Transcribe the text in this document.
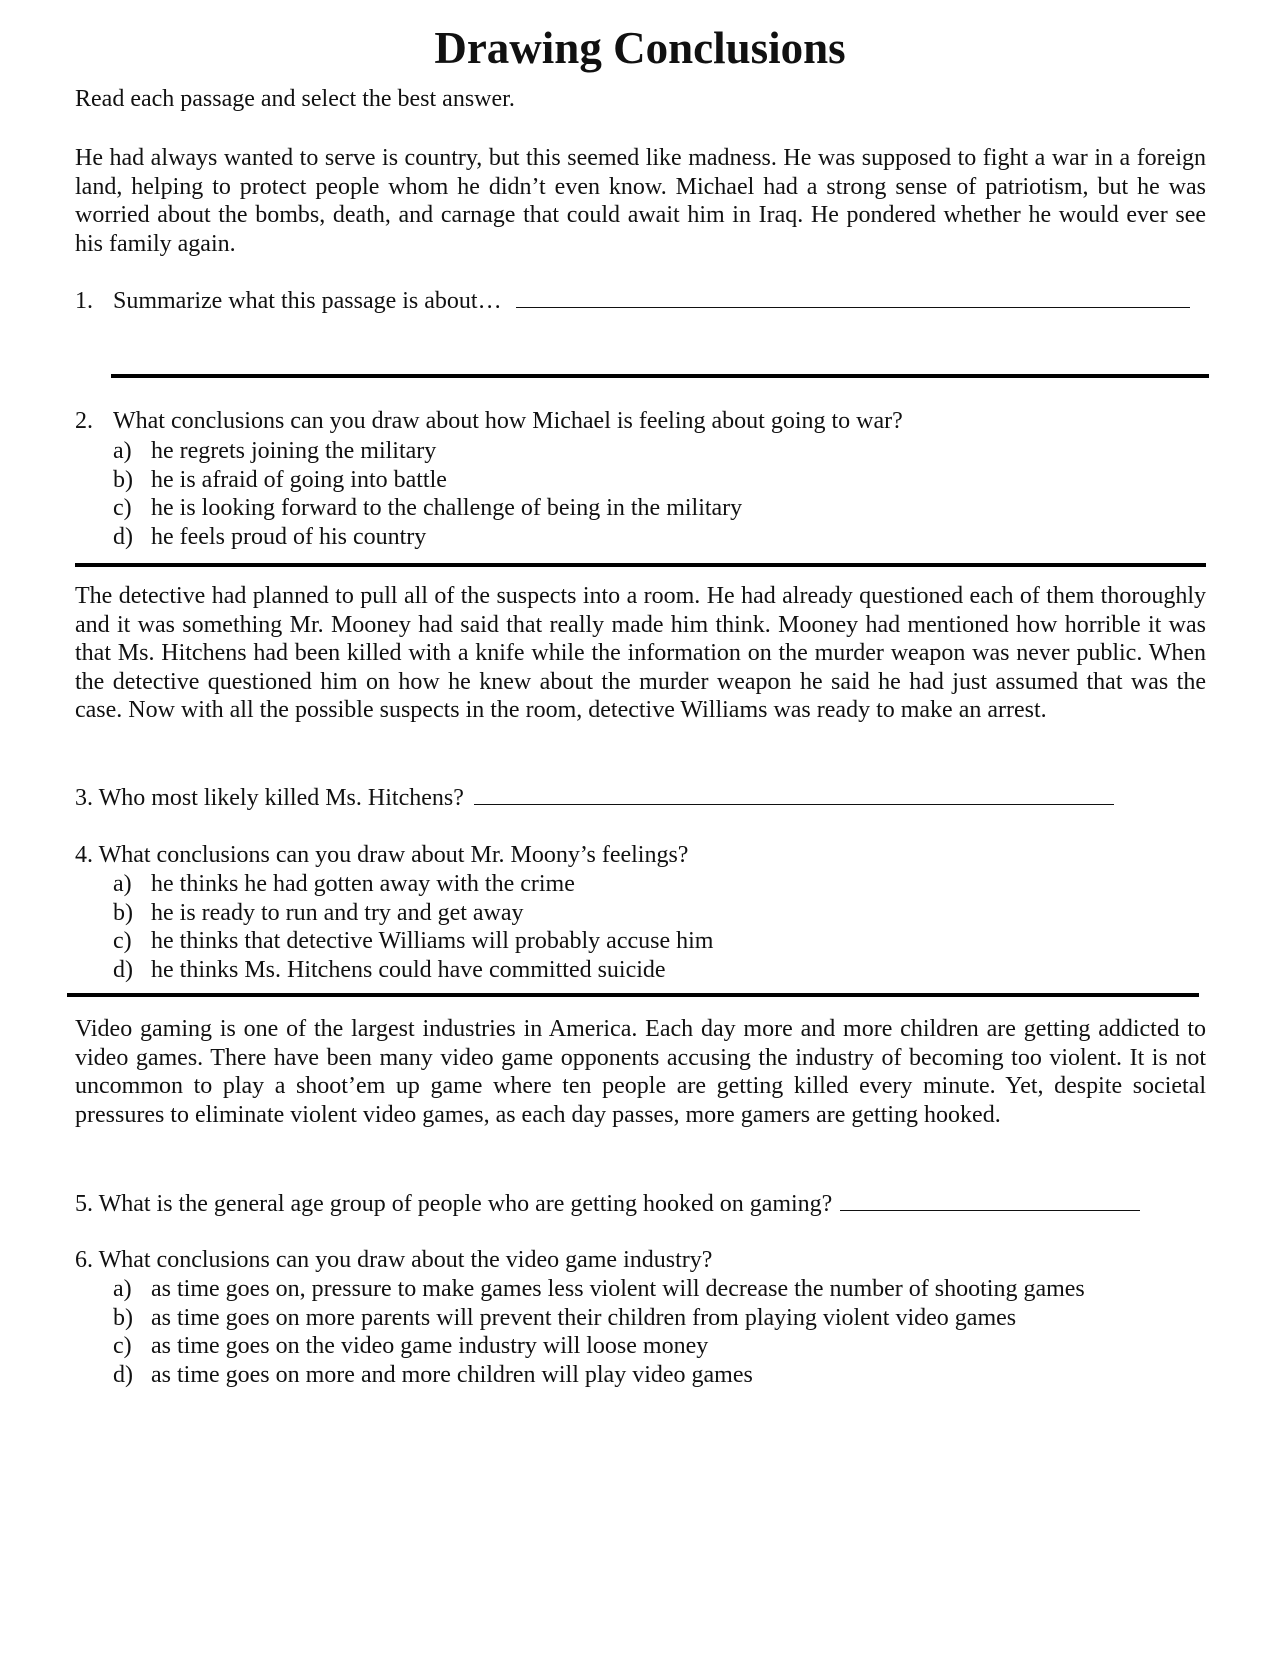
Drawing Conclusions
Read each passage and select the best answer.
He had always wanted to serve is country, but this seemed like madness. He was supposed to fight a war in a foreign land, helping to protect people whom he didn’t even know. Michael had a strong sense of patriotism, but he was worried about the bombs, death, and carnage that could await him in Iraq. He pondered whether he would ever see his family again.
1. Summarize what this passage is about…
2. What conclusions can you draw about how Michael is feeling about going to war?
a) he regrets joining the military
b) he is afraid of going into battle
c) he is looking forward to the challenge of being in the military
d) he feels proud of his country
The detective had planned to pull all of the suspects into a room. He had already questioned each of them thoroughly and it was something Mr. Mooney had said that really made him think. Mooney had mentioned how horrible it was that Ms. Hitchens had been killed with a knife while the information on the murder weapon was never public. When the detective questioned him on how he knew about the murder weapon he said he had just assumed that was the case. Now with all the possible suspects in the room, detective Williams was ready to make an arrest.
3. Who most likely killed Ms. Hitchens?
4. What conclusions can you draw about Mr. Moony’s feelings?
a) he thinks he had gotten away with the crime
b) he is ready to run and try and get away
c) he thinks that detective Williams will probably accuse him
d) he thinks Ms. Hitchens could have committed suicide
Video gaming is one of the largest industries in America. Each day more and more children are getting addicted to video games. There have been many video game opponents accusing the industry of becoming too violent. It is not uncommon to play a shoot’em up game where ten people are getting killed every minute. Yet, despite societal pressures to eliminate violent video games, as each day passes, more gamers are getting hooked.
5. What is the general age group of people who are getting hooked on gaming?
6. What conclusions can you draw about the video game industry?
a) as time goes on, pressure to make games less violent will decrease the number of shooting games
b) as time goes on more parents will prevent their children from playing violent video games
c) as time goes on the video game industry will loose money
d) as time goes on more and more children will play video games
